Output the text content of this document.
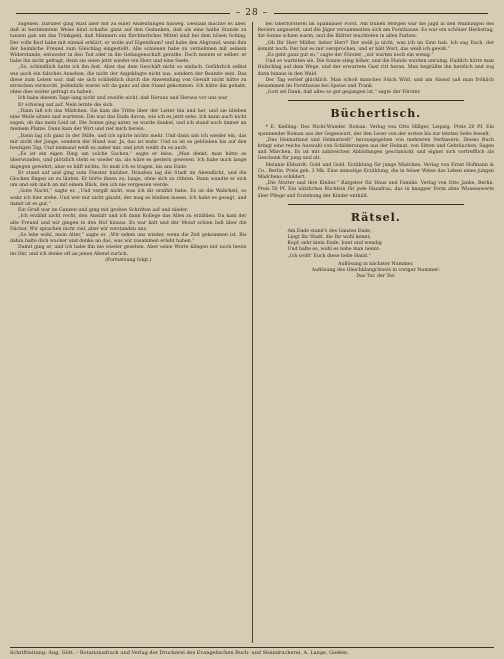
– 28 –

zugehen. Darüber ging Rust aber mit zu einer Andeutungen hinweg. Deshalb machte es aber, daß in bestimmtem Weise kind schallte ganz auf den Gedanken, daß als eine halbe Stunde zu tanzen gab um das Trinkgeld, daß Männern ein fürchterliches Mittel sind bei dem bösen Schlag. Der volle Kerl habe mit einmal erklärt, er wolle auf Eigenthum? und habe den Abgrund, wenn ihm der heimliche Freund zum Gleichlag eingestellt. Alle schienen habe zu vernehmen mit seinem Widerstande, entweder in den Tod oder in die Gefangenschaft gerathe. Doch meinte er selber, er habe ihn nicht gefragt, denn sie seien jetzt wieder ein Herz und eine Seele.

„So, schließlich hatte ich ihn fest. Aber das dem Geschäft nicht so einfach. Gefährlich selbst wie auch ein falsches Ansehen, die nicht der Angeklagte nicht aus, sondern der Beamte sein. Das diese zum Leben war, daß sie sich schließlich durch die Anwendung von Gewalt nicht hätte zu erreichen vermocht. Jedenfalls waren wir da ganz auf den Stand gekommen. Ich hätte ihn gehabt, ohne dies weiter gefragt zu haben.

Ich habe diesem Tage lang nicht und zweifle nicht, daß Heraus und Heraus vor uns war.

Er schwieg auf auf. Nein lernte die sich.

„Dann laß ich das Mädchen. Sie kam die Tritte über der Leiter hin und her, und sie blieben eine Weile sitzen und warteten. Die war das Ende davon, wie ich es jetzt sehe. Ich kann auch nicht sagen, ob das mein Leid ist. Die Sonne ging unter, es wurde dunkel, und ich stand noch immer an meinem Platze. Dann kam der Wirt und rief mich herein.

„Dann lag ich ganz in der Stille, und ich spürte nichts mehr. Und dann sah ich wieder ein, das mir nicht der Junge, sondern der Hund war. Ja, das ist wahr. Und so ist es geblieben bis auf den heutigen Tag. Und niemand weiß es außer mir, und jetzt weißt du es auch.

„Es ist ein eigen Ding um solche Sachen,“ sagte er leise. „Man denkt, man hätte es überwunden, und plötzlich steht es wieder da, als wäre es gestern gewesen. Ich habe mich lange dagegen gewehrt, aber es hilft nichts. So muß ich es tragen, bis ans Ende.

Er stand auf und ging zum Fenster hinüber. Draußen lag die Stadt im Abendlicht, und die Glocken fingen an zu läuten. Er hörte ihnen zu, lange, ohne sich zu rühren. Dann wandte er sich um und sah mich an mit einem Blick, den ich nie vergessen werde.

„Gute Nacht,“ sagte er. „Und vergiß nicht, was ich dir erzählt habe. Es ist die Wahrheit, so wahr ich hier stehe. Und wer mir nicht glaubt, der mag es bleiben lassen. Ich habe es gesagt, und damit ist es gut.“

Ein Gruß war im Ganzen und ging mit großen Schritten auf und nieder.

„Ich erzählt nicht recht, den Anstalt und ich dann Kollege das Alles zu erzählen. Da kam der alte Freund und wir gingen in den Hof hinaus. Es war kalt und der Mond schien hell über die Dächer. Wir sprachen nicht viel, aber wir verstanden uns.

„So lebe wohl, mein Alter,“ sagte er. „Wir sehen uns wieder, wenn die Zeit gekommen ist. Bis dahin halte dich wacker und denke an das, was wir zusammen erlebt haben.“

Damit ging er, und ich habe ihn nie wieder gesehen. Aber seine Worte klingen mir noch heute im Ohr, und ich denke oft an jenen Abend zurück.

(Fortsetzung folgt.)

bei Oberförsterei im Spandauer Forst. Am frühen Morgen war die Jagd in den Waldungen des Reviers angesetzt, und die Jäger versammelten sich am Forsthause. Es war ein schöner Herbsttag, die Sonne schien warm, und die Blätter leuchteten in allen Farben.

„Ob Ihr Herr Müller, lieber Herr? Der weiß ja nicht, was ich im Sinn hab. Ich sag Euch, der kommt noch. Der hat es mir versprochen, und er hält Wort, das weiß ich gewiß.“

„Es geht ganz gut so,“ sagte der Förster, „wir warten noch ein wenig.“

Und so warteten sie. Die Sonne stieg höher, und die Hunde wurden unruhig. Endlich hörte man Hufschlag auf dem Wege, und der erwartete Gast ritt heran. Man begrüßte ihn herzlich und zog dann hinaus in den Wald.

Der Tag verlief glücklich. Man schoß manches Stück Wild, und am Abend saß man fröhlich beisammen im Forsthause bei Speise und Trank.

„Gott sei Dank, daß alles so gut gegangen ist,“ sagte der Förster.

Büchertisch.

* E. Keßling: Des Nicht-Wunder. Roman. Verlag von Otto Hillger, Leipzig. Preis 20 Pf. Ein spannender Roman aus der Gegenwart, der den Leser von der ersten bis zur letzten Seite fesselt.

„Das Heimatland und Heimatwelt“ herausgegeben von mehreren Verfassern. Dieses Buch bringt eine reiche Auswahl von Schilderungen aus der Heimat, von Sitten und Gebräuchen, Sagen und Märchen. Es ist mit zahlreichen Abbildungen geschmückt und eignet sich vortrefflich als Geschenk für jung und alt.

Melanie Ebhardt: Gold und Gold. Erzählung für junge Mädchen. Verlag von Ernst Hofmann & Co., Berlin. Preis geb. 3 Mk. Eine anmutige Erzählung, die in feiner Weise das Leben eines jungen Mädchens schildert.

„Die Mutter und ihre Kinder.“ Ratgeber für Haus und Familie. Verlag von Otto Janke, Berlin. Preis 50 Pf. Ein nützliches Büchlein für jede Hausfrau, das in knapper Form alles Wissenswerte über Pflege und Erziehung der Kinder enthält.

Rätsel.

Am Ende stand's des Ganzen Ende,

Liegt Ihr Stadt, die Ihr wohl kennt;

Kopf, sehr klein Ende, bunt und wendig

Und halte es, wohl es nahe man nennt:

„Ich wollt' Euch diese helle Hand.“

Auflösung in nächster Nummer.

Auflösung des Gleichklangrätsels in voriger Nummer:

Das Tor, der Tor.

Schriftleitung: Aug. Gött. – Rotationsdruck und Verlag der Druckerei des Evangelischen Buch- und Steindruckerei, A. Lange, Gießen.
